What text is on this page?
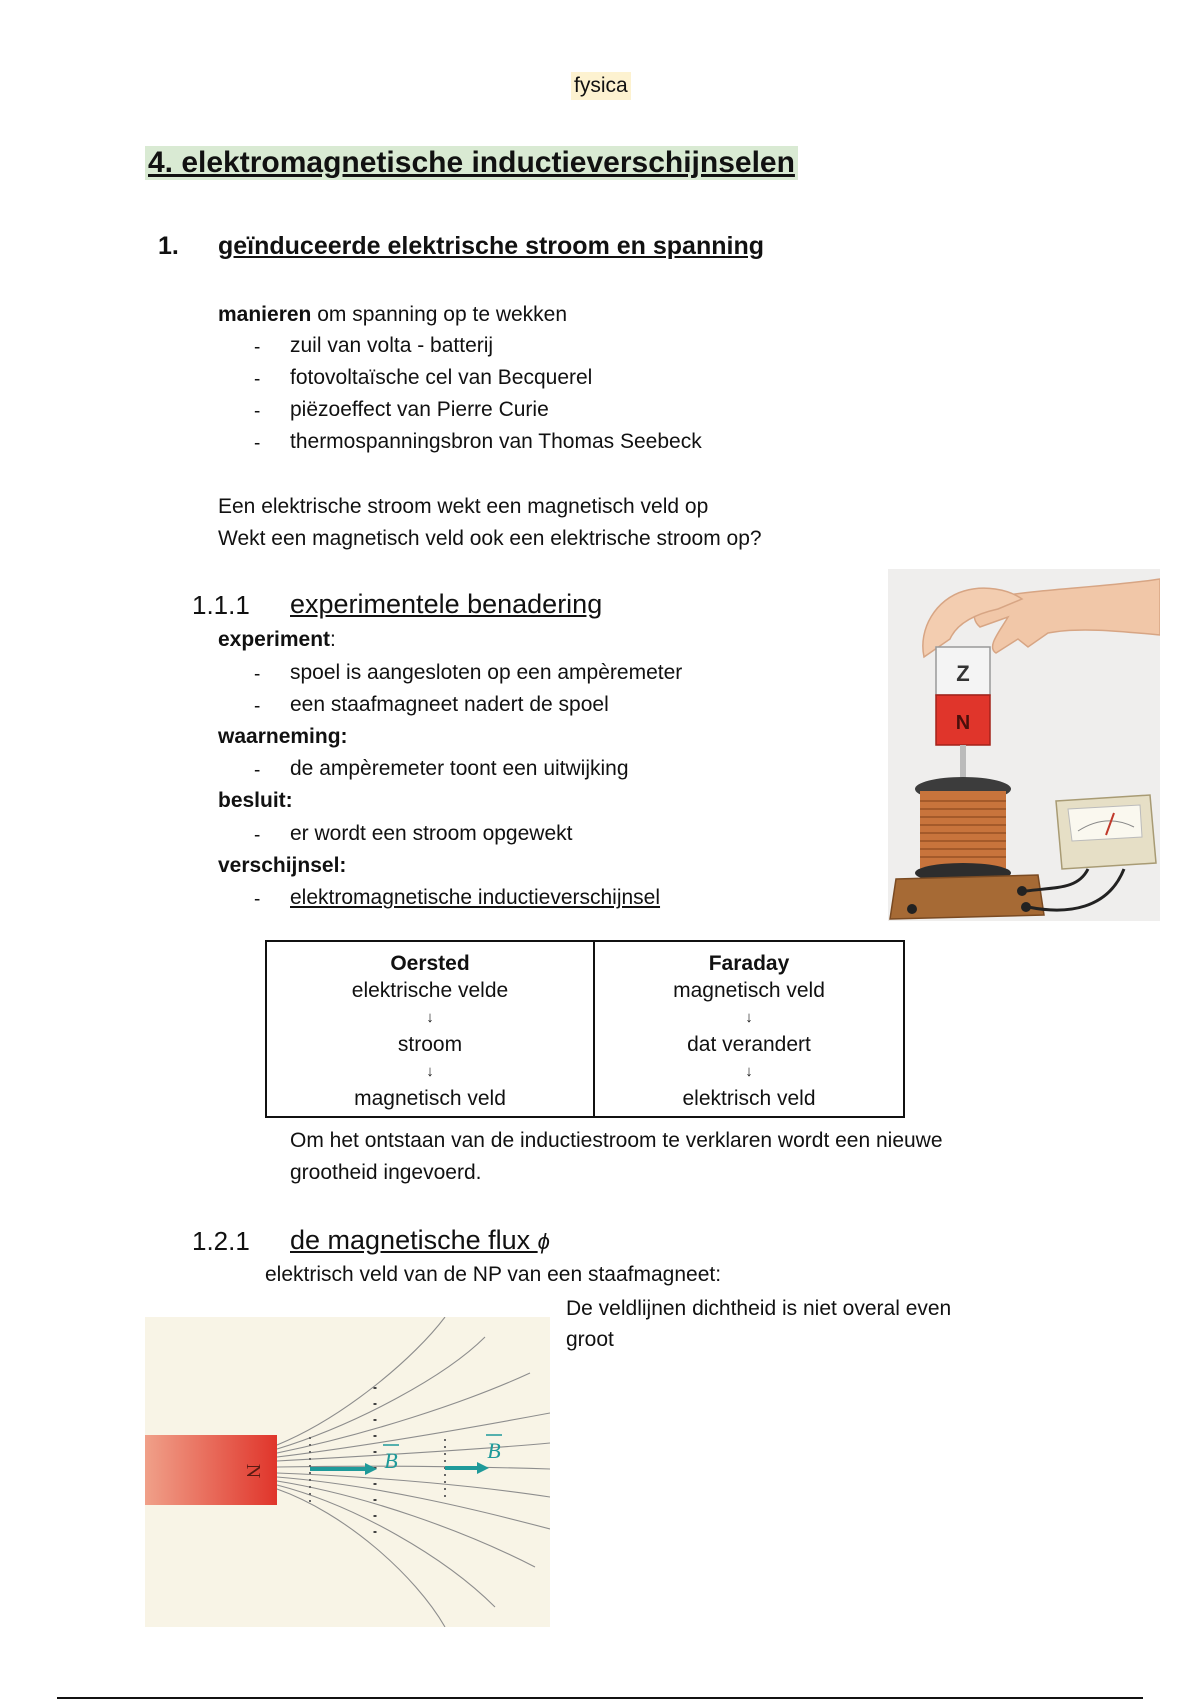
fysica
4. elektromagnetische inductieverschijnselen
1. geïnduceerde elektrische stroom en spanning
manieren om spanning op te wekken
- zuil van volta - batterij
- fotovoltaïsche cel van Becquerel
- piëzoeffect van Pierre Curie
- thermospanningsbron van Thomas Seebeck
Een elektrische stroom wekt een magnetisch veld op
Wekt een magnetisch veld ook een elektrische stroom op?
1.1.1 experimentele benadering
experiment:
- spoel is aangesloten op een ampèremeter
- een staafmagneet nadert de spoel
waarneming:
- de ampèremeter toont een uitwijking
besluit:
- er wordt een stroom opgewekt
verschijnsel:
- elektromagnetische inductieverschijnsel
Z
N
Oersted
elektrische velde
↓
stroom
↓
magnetisch veld

Faraday
magnetisch veld
↓
dat verandert
↓
elektrisch veld
Om het ontstaan van de inductiestroom te verklaren wordt een nieuwe
grootheid ingevoerd.
1.2.1 de magnetische flux ϕ
elektrisch veld van de NP van een staafmagneet:
De veldlijnen dichtheid is niet overal even
groot
N	B	B
